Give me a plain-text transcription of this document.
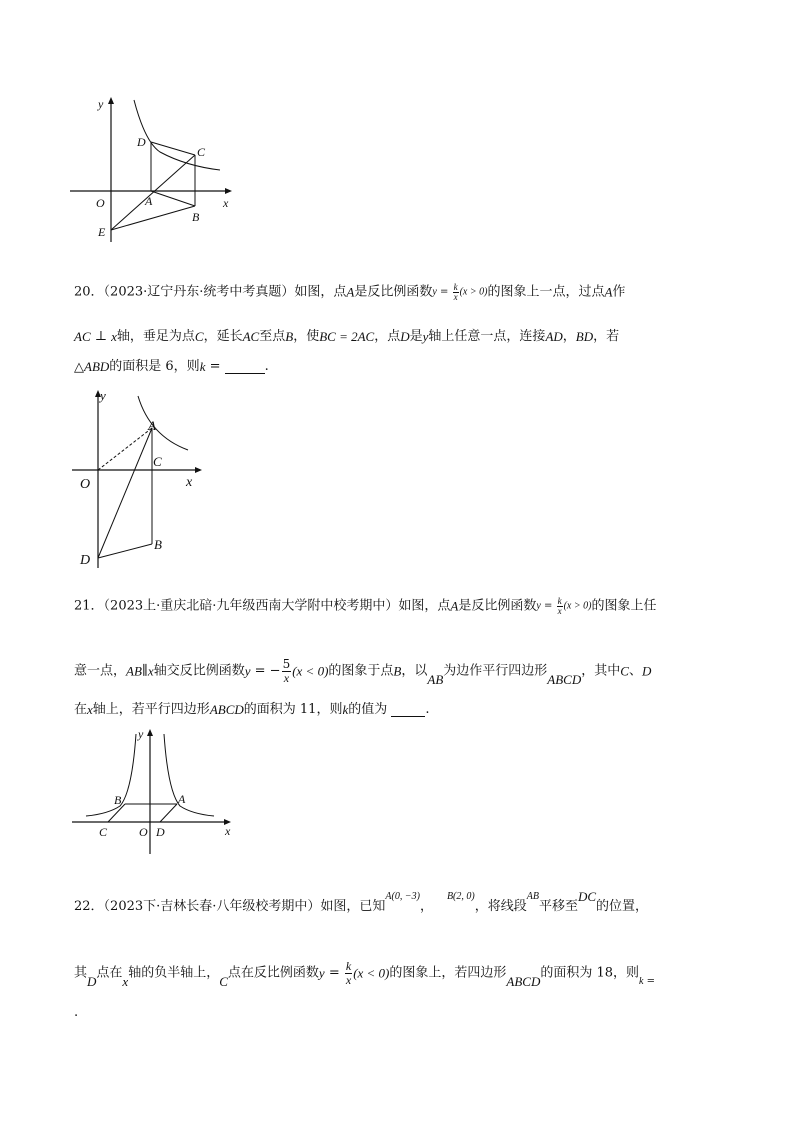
y
x
O	A
B
C
D
E
20．（2023·辽宁丹东·统考中考真题）如图，点A是反比例函数$y = \frac{k}{x} (x > 0)$的图象上一点，过点A作
AC ⊥ x轴，垂足为点C，延长AC至点B，使BC = 2AC，点D是y轴上任意一点，连接AD，BD，若
△ABD的面积是 6，则k =	.
y
x
O
A
B
C
D
21．（2023上·重庆北碚·九年级西南大学附中校考期中）如图，点A是反比例函数$y = \frac{k}{x} (x > 0)$的图象上任
意一点，AB∥x轴交反比例函数y = − $\frac{5}{x} (x < 0)$的图象于点B，以AB为边作平行四边形ABCD，其中C、D
在x轴上，若平行四边形ABCD的面积为 11，则k的值为	.
y
x
O
A
B
C	D
22．（2023下·吉林长春·八年级校考期中）如图，已知$^{A(0, -3)}$，$^{B(2, 0)}$，将线段$^{AB}$平移至DC的位置，
其D点在x轴的负半轴上，C点在反比例函数$y = \frac{k}{x} (x < 0)$的图象上，若四边形ABCD的面积为 18，则$_k$ $_=$
.
